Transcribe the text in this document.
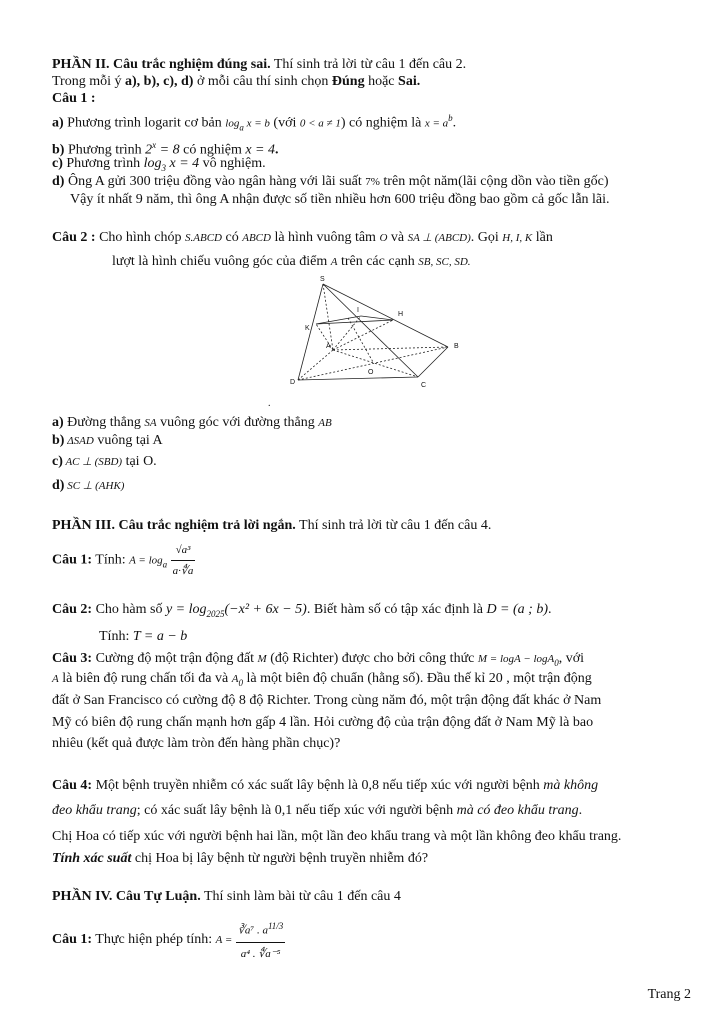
PHẦN II. Câu trắc nghiệm đúng sai. Thí sinh trả lời từ câu 1 đến câu 2.
Trong mỗi ý a), b), c), d) ở mỗi câu thí sinh chọn Đúng hoặc Sai.
Câu 1 :
a) Phương trình logarit cơ bản $\log_a x = b$ (với 0 < a ≠ 1) có nghiệm là $x = a^b$.
b) Phương trình $2^x = 8$ có nghiệm x = 4.
c) Phương trình $\log_3 x = 4$ vô nghiệm.
d) Ông A gửi 300 triệu đồng vào ngân hàng với lãi suất 7% trên một năm(lãi cộng dồn vào tiền gốc)
Vậy ít nhất 9 năm, thì ông A nhận được số tiền nhiều hơn 600 triệu đồng bao gồm cả gốc lẫn lãi.
Câu 2 : Cho hình chóp S.ABCD có ABCD là hình vuông tâm O và SA ⊥ (ABCD). Gọi H, I, K lần
lượt là hình chiếu vuông góc của điểm A trên các cạnh SB, SC, SD.
S
I
H
K
A	B
O
D	C
.
a) Đường thẳng SA vuông góc với đường thẳng AB
b) ΔSAD vuông tại A
c) AC ⊥ (SBD) tại O.
d) SC ⊥ (AHK)
PHẦN III. Câu trắc nghiệm trả lời ngắn. Thí sinh trả lời từ câu 1 đến câu 4.
Câu 1: Tính: $A = \log_a \frac{\text{√a³}}{a\cdot∜a}$
Câu 2: Cho hàm số $y = \log_{2025}(-x^2 + 6x - 5)$. Biết hàm số có tập xác định là D = (a ; b).
Tính: T = a − b
Câu 3: Cường độ một trận động đất M (độ Richter) được cho bởi công thức M = logA − logA$_0$, với
A là biên độ rung chấn tối đa và $A_0$ là một biên độ chuẩn (hằng số). Đầu thế kỉ 20 , một trận động
đất ở San Francisco có cường độ 8 độ Richter. Trong cùng năm đó, một trận động đất khác ở Nam
Mỹ có biên độ rung chấn mạnh hơn gấp 4 lần. Hỏi cường độ của trận động đất ở Nam Mỹ là bao
nhiêu (kết quả được làm tròn đến hàng phần chục)?
Câu 4: Một bệnh truyền nhiễm có xác suất lây bệnh là 0,8 nếu tiếp xúc với người bệnh mà không
đeo khẩu trang; có xác suất lây bệnh là 0,1 nếu tiếp xúc với người bệnh mà có đeo khẩu trang.
Chị Hoa có tiếp xúc với người bệnh hai lần, một lần đeo khẩu trang và một lần không đeo khẩu trang.
Tính xác suất chị Hoa bị lây bệnh từ người bệnh truyền nhiễm đó?
PHẦN IV. Câu Tự Luận. Thí sinh làm bài từ câu 1 đến câu 4
Câu 1: Thực hiện phép tính: $A = \frac{∛a^7 . a^{11/3}}{\text{a⁴ . ∜a⁻⁵}}$
Trang 2
